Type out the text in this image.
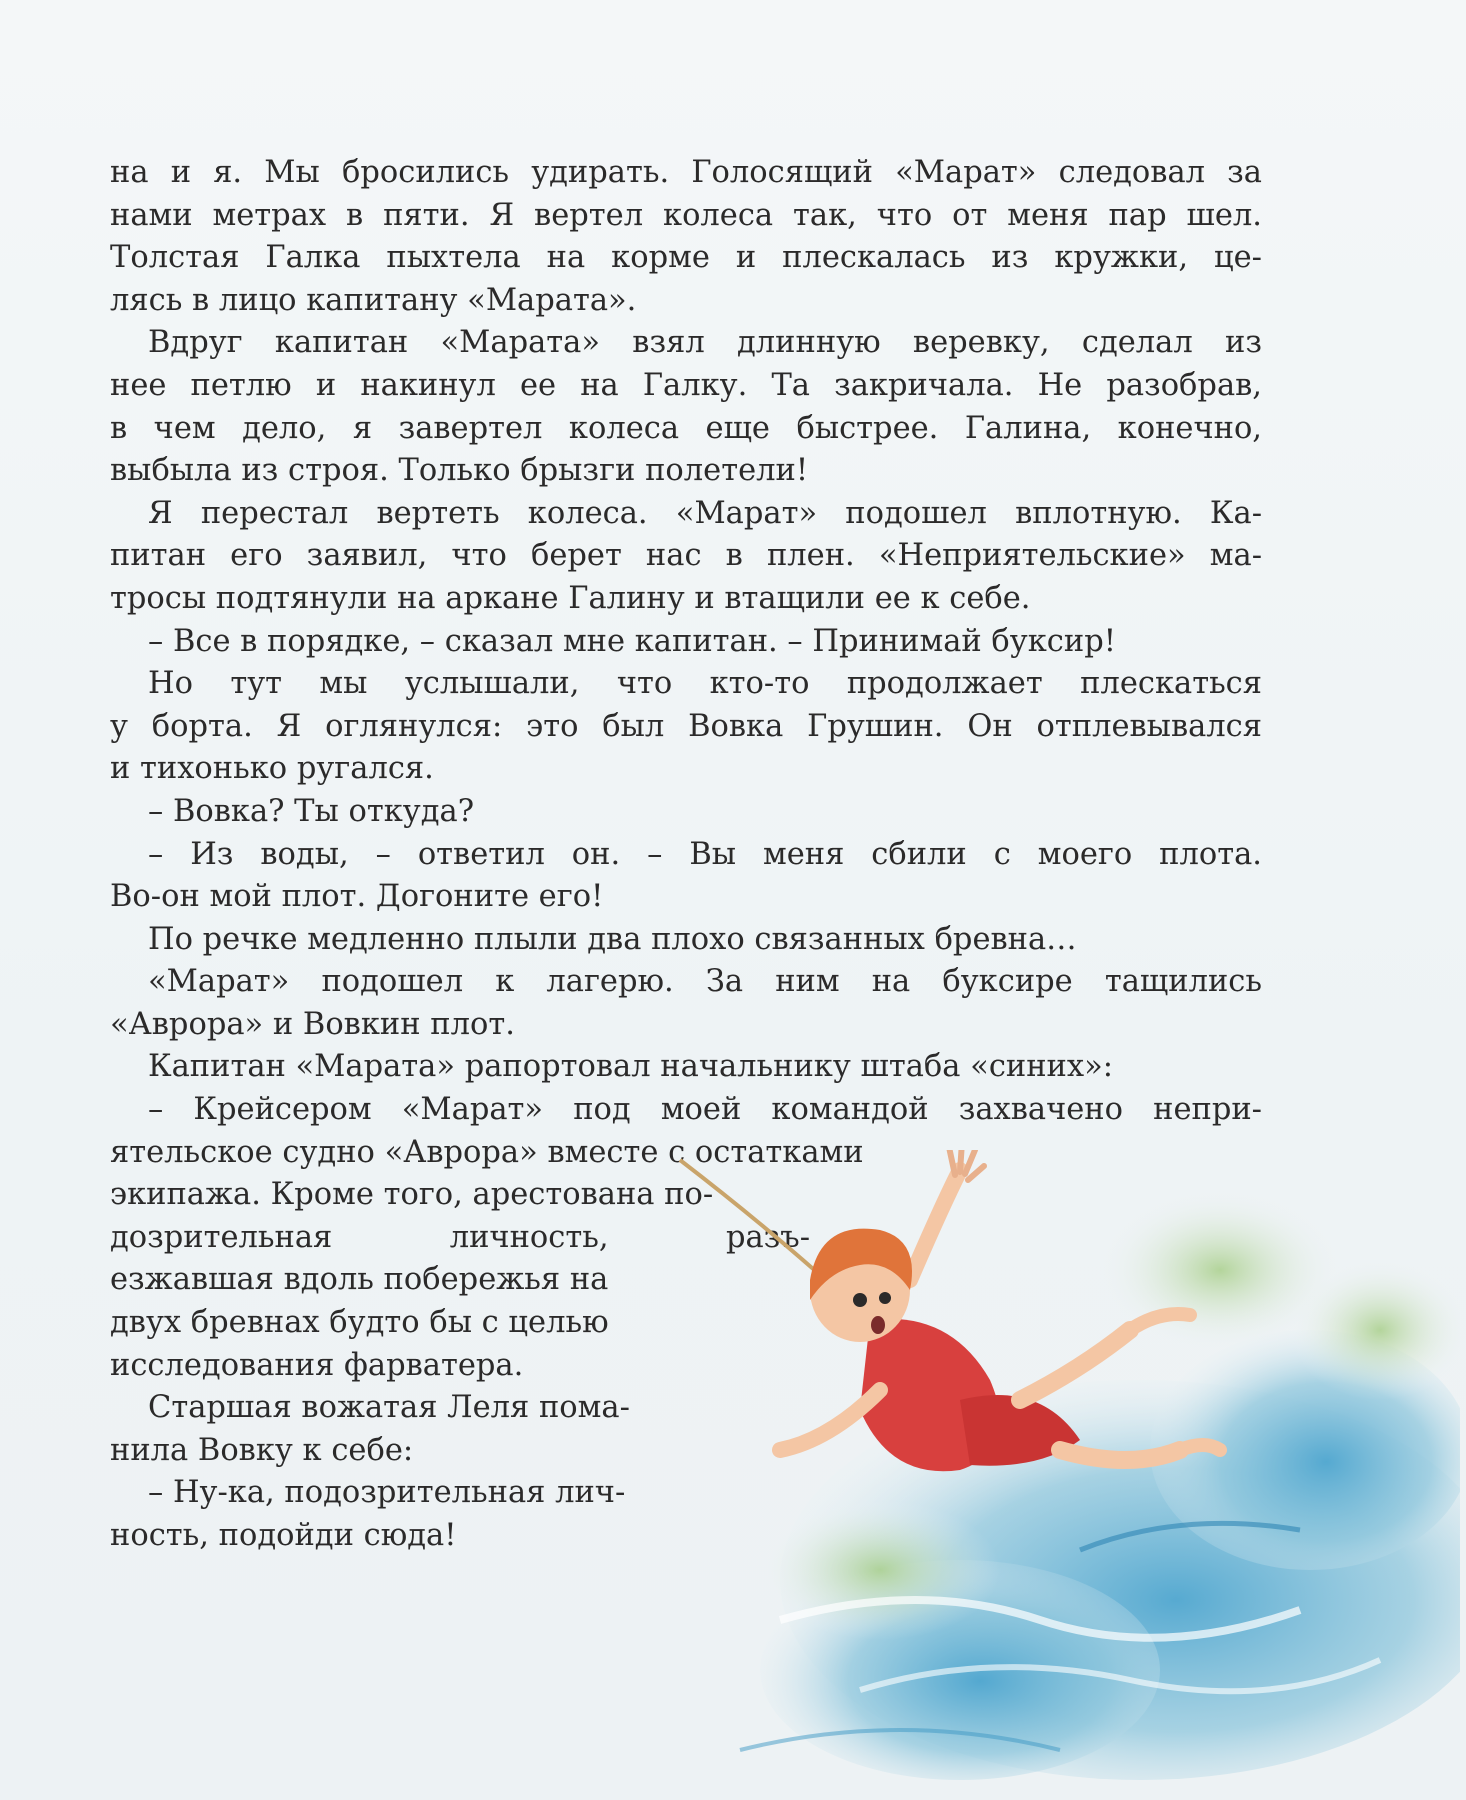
на и я. Мы бросились удирать. Голосящий «Марат» следовал за
нами метрах в пяти. Я вертел колеса так, что от меня пар шел.
Толстая Галка пыхтела на корме и плескалась из кружки, це-
лясь в лицо капитану «Марата».
Вдруг капитан «Марата» взял длинную веревку, сделал из
нее петлю и накинул ее на Галку. Та закричала. Не разобрав,
в чем дело, я завертел колеса еще быстрее. Галина, конечно,
выбыла из строя. Только брызги полетели!
Я перестал вертеть колеса. «Марат» подошел вплотную. Ка-
питан его заявил, что берет нас в плен. «Неприятельские» ма-
тросы подтянули на аркане Галину и втащили ее к себе.
– Все в порядке, – сказал мне капитан. – Принимай буксир!
Но тут мы услышали, что кто-то продолжает плескаться
у борта. Я оглянулся: это был Вовка Грушин. Он отплевывался
и тихонько ругался.
– Вовка? Ты откуда?
– Из воды, – ответил он. – Вы меня сбили с моего плота.
Во-он мой плот. Догоните его!
По речке медленно плыли два плохо связанных бревна…
«Марат» подошел к лагерю. За ним на буксире тащились
«Аврора» и Вовкин плот.
Капитан «Марата» рапортовал начальнику штаба «синих»:
– Крейсером «Марат» под моей командой захвачено непри-
ятельское судно «Аврора» вместе с остатками
экипажа. Кроме того, арестована по-
дозрительная личность, разъ-
езжавшая вдоль побережья на
двух бревнах будто бы с целью
исследования фарватера.
Старшая вожатая Леля пома-
нила Вовку к себе:
– Ну-ка, подозрительная лич-
ность, подойди сюда!
